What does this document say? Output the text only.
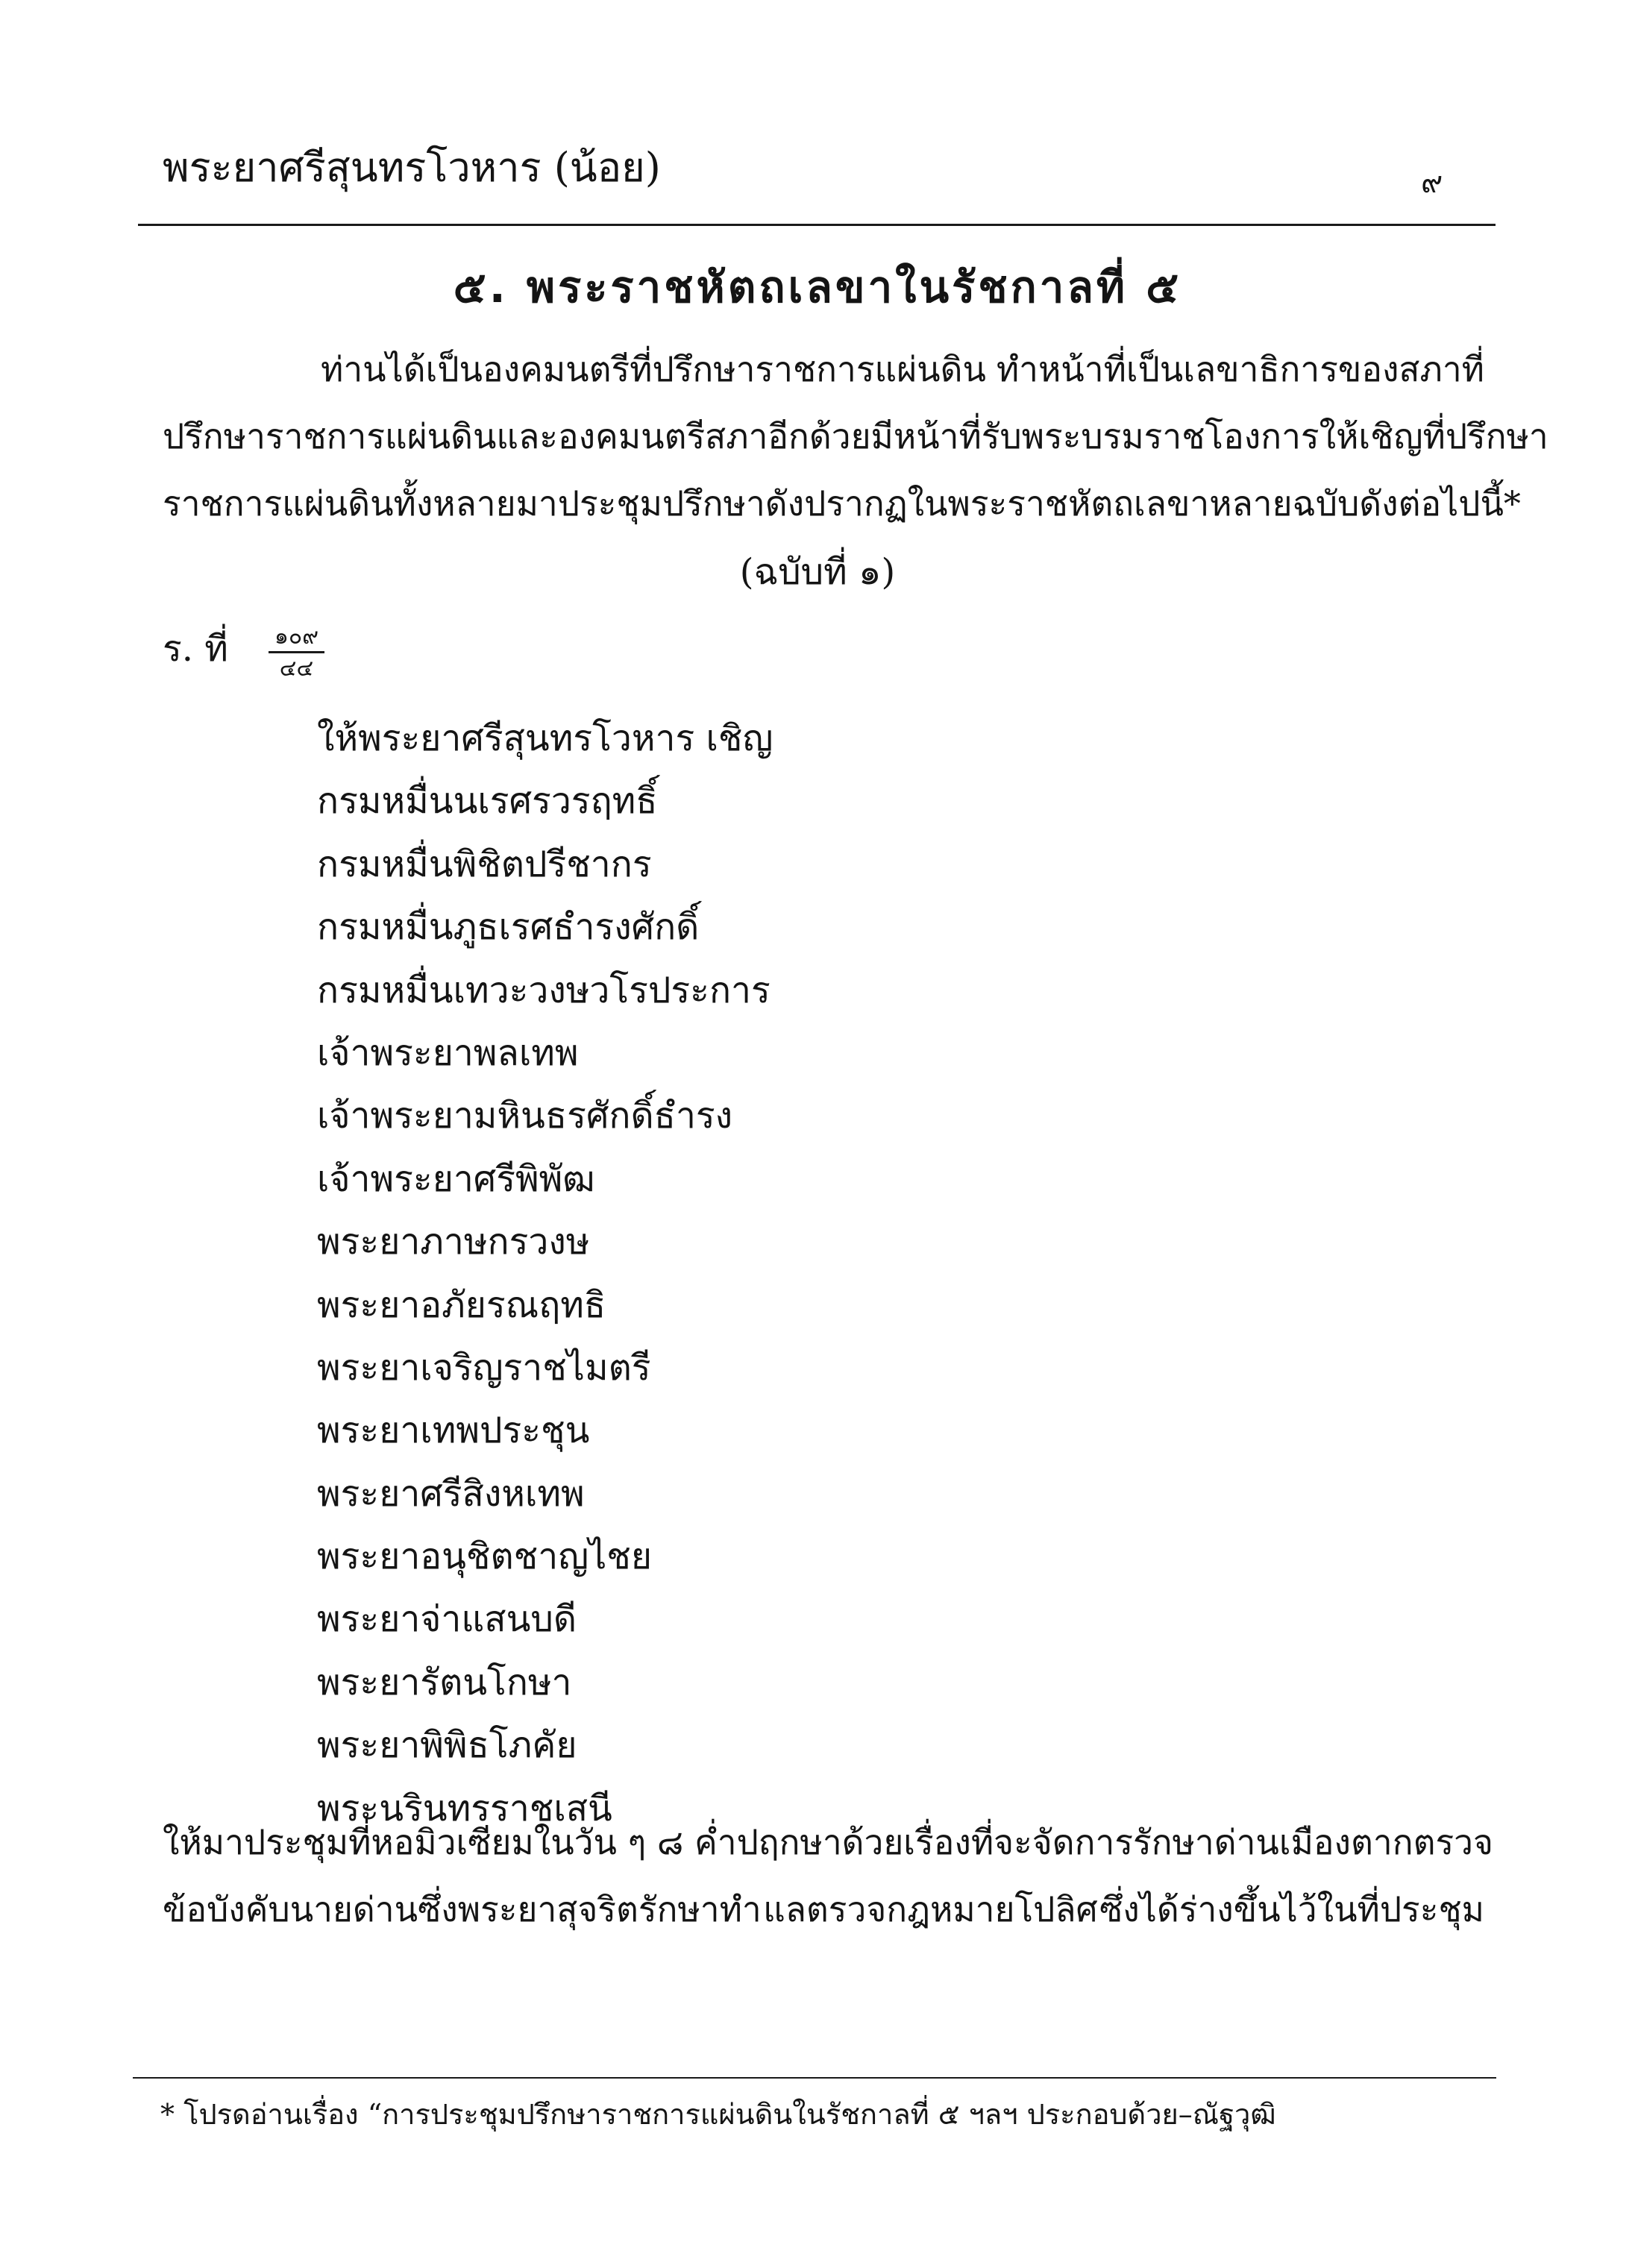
พระยาศรีสุนทรโวหาร (น้อย)	๙
๕. พระราชหัตถเลขาในรัชกาลที่ ๕
ท่านได้เป็นองคมนตรีที่ปรึกษาราชการแผ่นดิน ทำหน้าที่เป็นเลขาธิการของสภาที่
ปรึกษาราชการแผ่นดินและองคมนตรีสภาอีกด้วย มีหน้าที่รับพระบรมราชโองการให้เชิญที่ปรึกษา
ราชการแผ่นดินทั้งหลายมาประชุมปรึกษาดังปรากฏในพระราชหัตถเลขาหลายฉบับ ดังต่อไปนี้*
(ฉบับที่ ๑)
ร. ที่ ๑๐๙
๔๔
ให้พระยาศรีสุนทรโวหาร เชิญ
กรมหมื่นนเรศรวรฤทธิ์
กรมหมื่นพิชิตปรีชากร
กรมหมื่นภูธเรศธำรงศักดิ์
กรมหมื่นเทวะวงษวโรประการ
เจ้าพระยาพลเทพ
เจ้าพระยามหินธรศักดิ์ธำรง
เจ้าพระยาศรีพิพัฒ
พระยาภาษกรวงษ
พระยาอภัยรณฤทธิ
พระยาเจริญราชไมตรี
พระยาเทพประชุน
พระยาศรีสิงหเทพ
พระยาอนุชิตชาญไชย
พระยาจ่าแสนบดี
พระยารัตนโกษา
พระยาพิพิธโภคัย
พระนรินทรราชเสนี
ให้มาประชุมที่หอมิวเซียมในวัน ๆ ๘ ค่ำ ปฤกษาด้วยเรื่องที่จะจัดการรักษาด่านเมืองตากตรวจ
ข้อบังคับนายด่านซึ่งพระยาสุจริตรักษาทำ แลตรวจกฎหมายโปลิศ ซึ่งได้ร่างขึ้นไว้ในที่ประชุม
* โปรดอ่านเรื่อง “การประชุมปรึกษาราชการแผ่นดินในรัชกาลที่ ๕ ฯลฯ ประกอบด้วย–ณัฐวุฒิ
